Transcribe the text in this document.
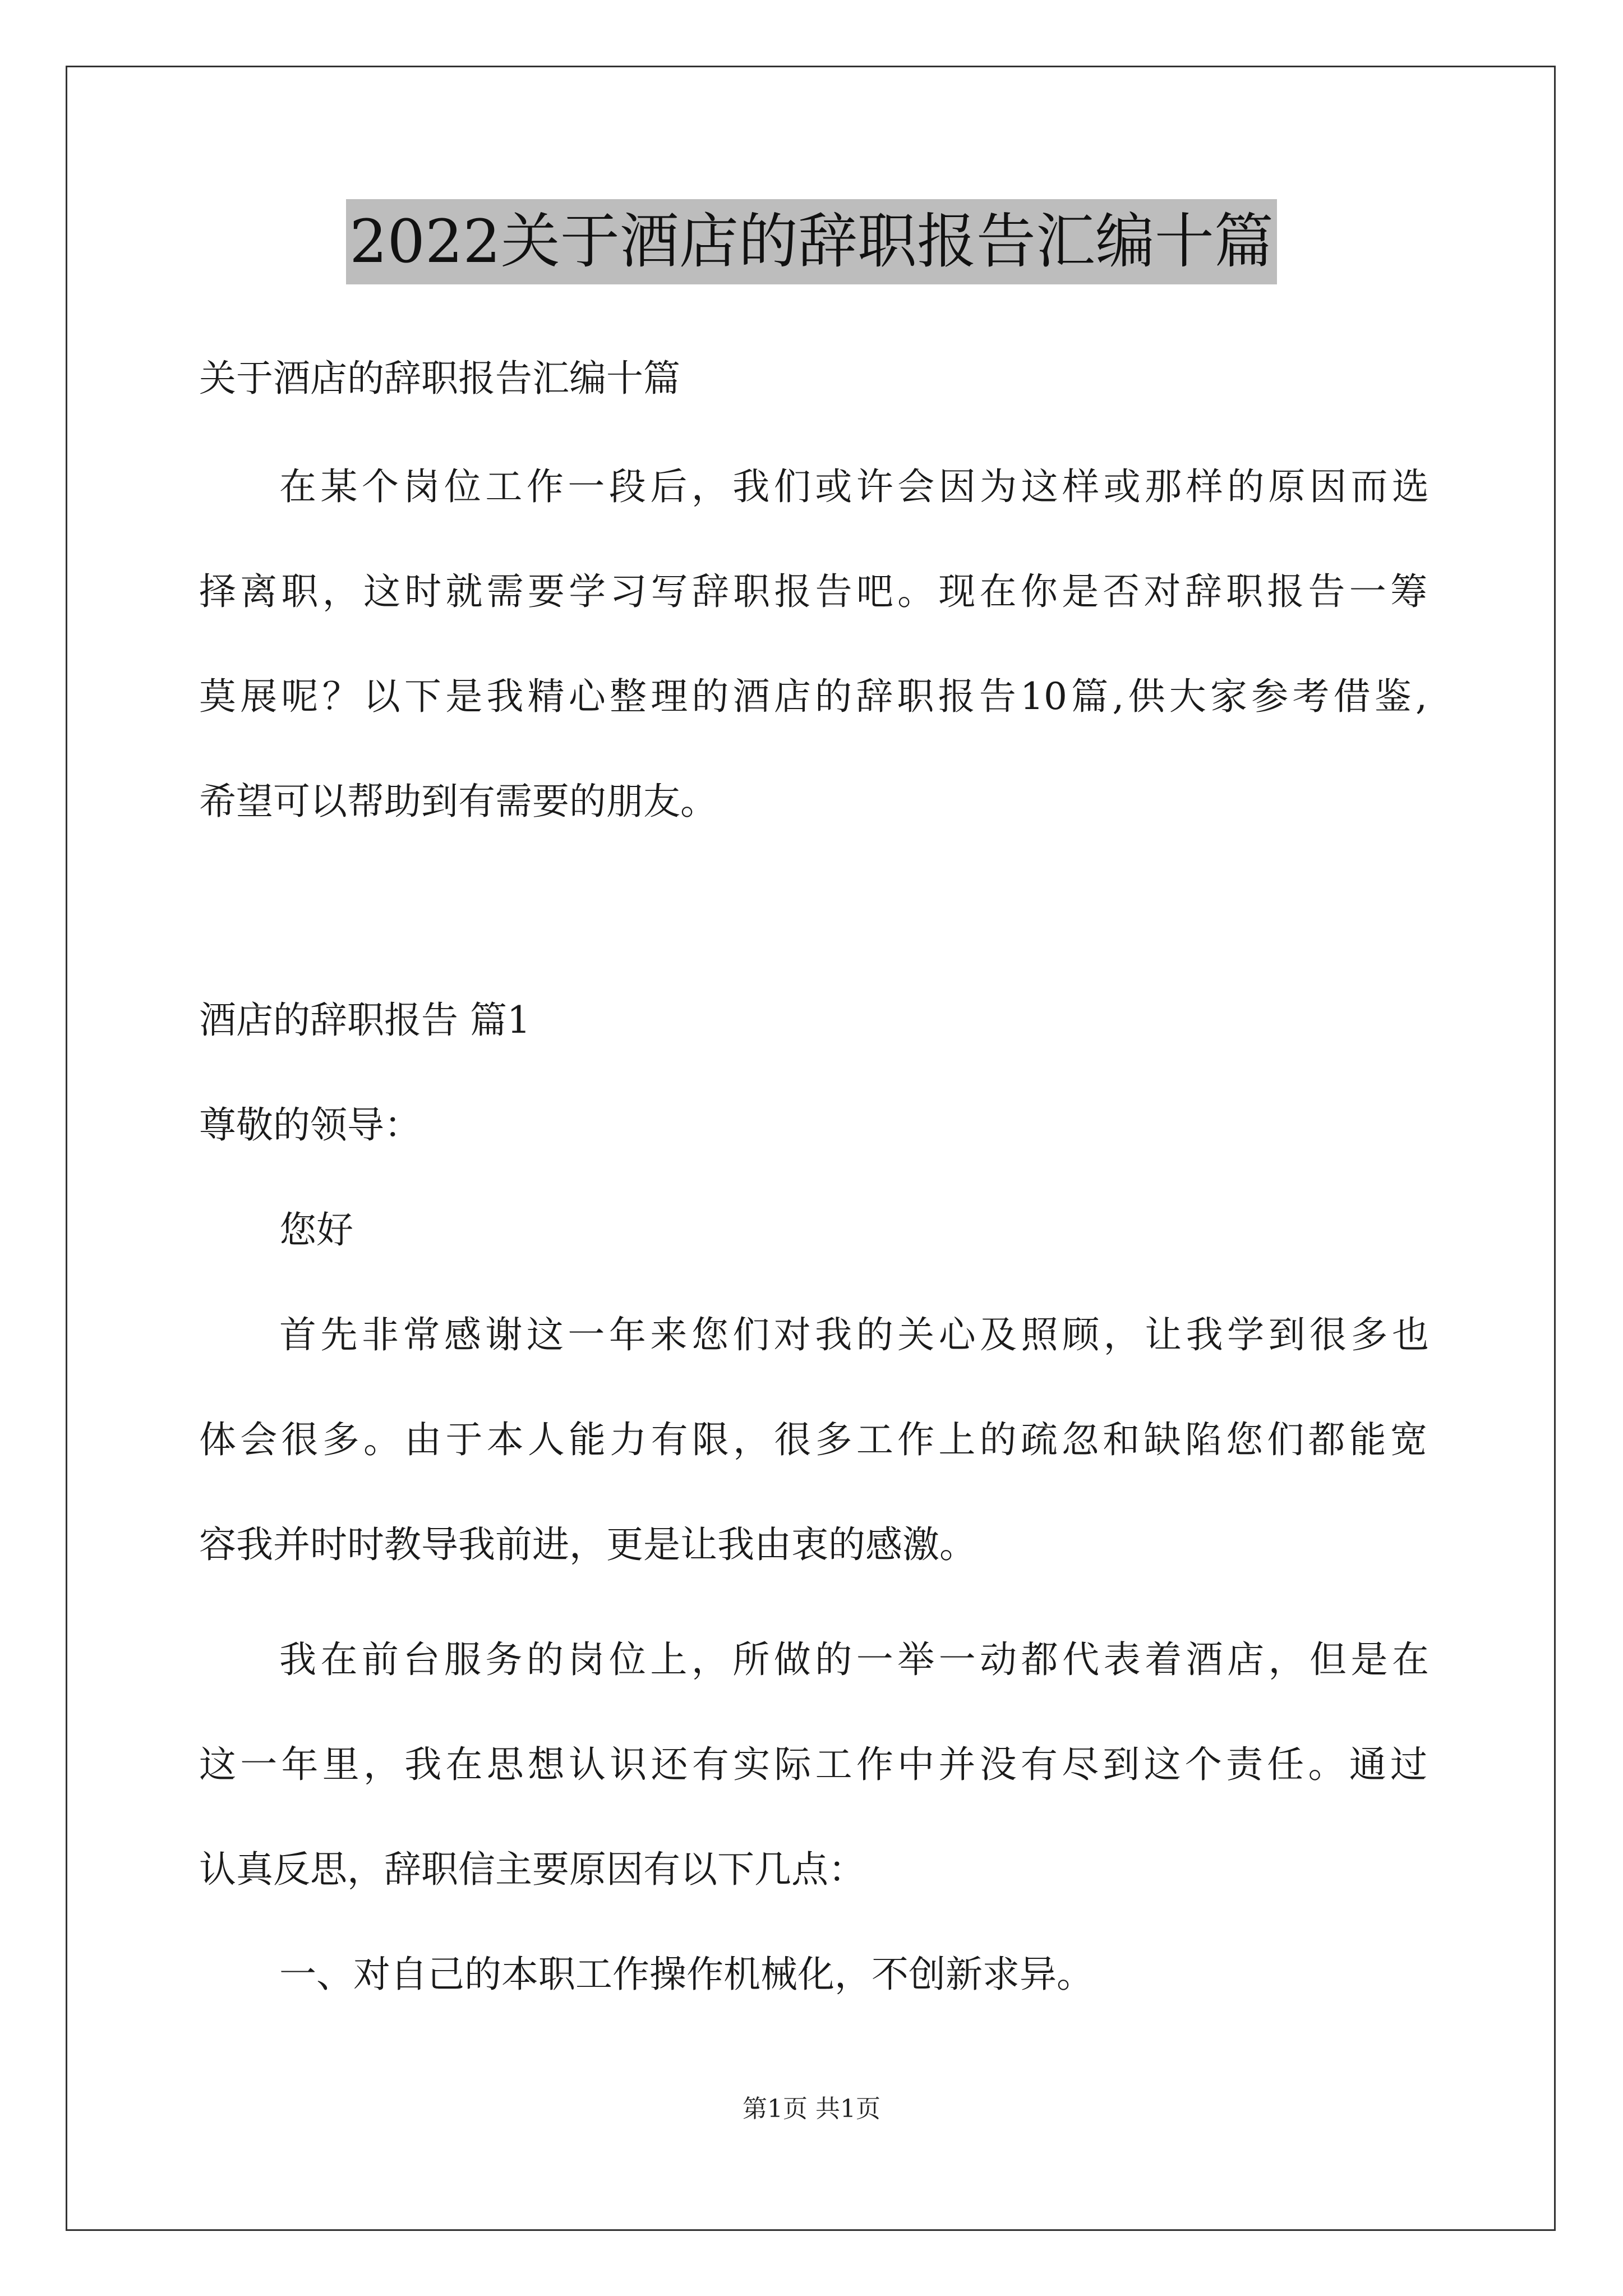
2022关于酒店的辞职报告汇编十篇
关于酒店的辞职报告汇编十篇
在某个岗位工作一段后，我们或许会因为这样或那样的原因而选
择离职，这时就需要学习写辞职报告吧。现在你是否对辞职报告一筹
莫展呢？以下是我精心整理的酒店的辞职报告10篇,供大家参考借鉴,
希望可以帮助到有需要的朋友。
酒店的辞职报告 篇1
尊敬的领导：
您好
首先非常感谢这一年来您们对我的关心及照顾，让我学到很多也
体会很多。由于本人能力有限，很多工作上的疏忽和缺陷您们都能宽
容我并时时教导我前进，更是让我由衷的感激。
我在前台服务的岗位上，所做的一举一动都代表着酒店，但是在
这一年里，我在思想认识还有实际工作中并没有尽到这个责任。通过
认真反思，辞职信主要原因有以下几点：
一、对自己的本职工作操作机械化，不创新求异。
第1页 共1页
